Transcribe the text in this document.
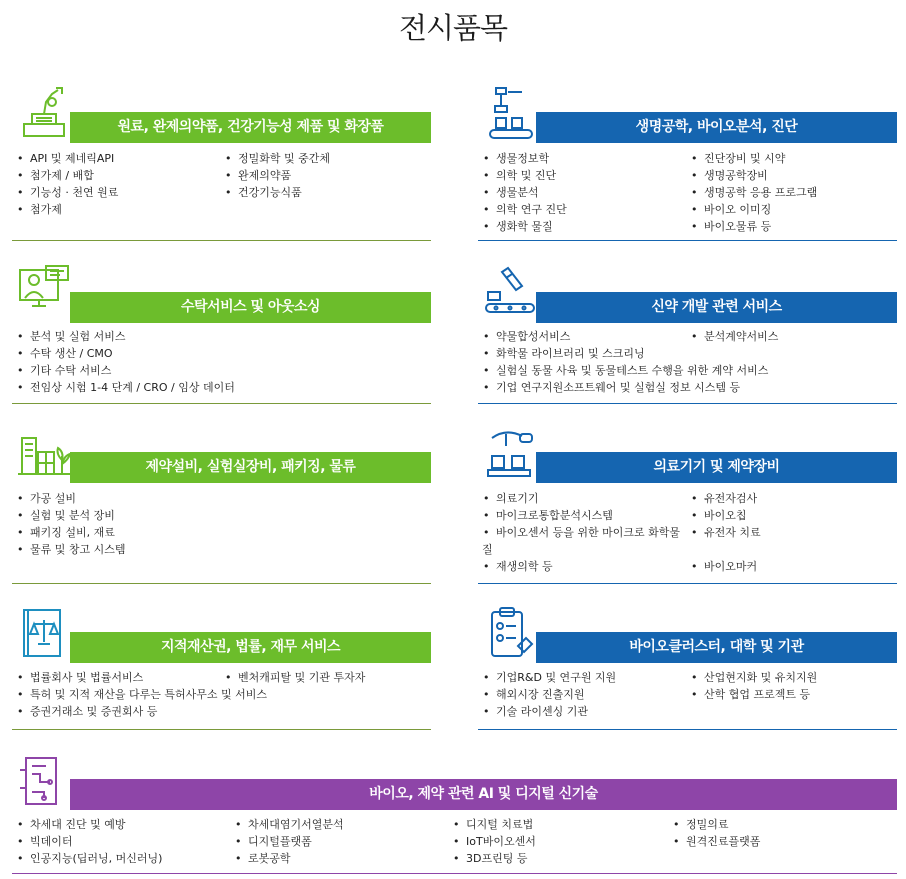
전시품목
원료, 완제의약품, 건강기능성 제품 및 화장품
• API 및 제네릭API
• 첨가제 / 배합
• 기능성 · 천연 원료
• 첨가제
• 정밀화학 및 중간체
• 완제의약품
• 건강기능식품
생명공학, 바이오분석, 진단
• 생물정보학
• 의학 및 진단
• 생물분석
• 의학 연구 진단
• 생화학 물질
• 진단장비 및 시약
• 생명공학장비
• 생명공학 응용 프로그램
• 바이오 이미징
• 바이오물류 등
수탁서비스 및 아웃소싱
• 분석 및 실험 서비스
• 수탁 생산 / CMO
• 기타 수탁 서비스
• 전임상 시험 1-4 단계 / CRO / 임상 데이터
신약 개발 관련 서비스
• 약물합성서비스
• 화학물 라이브러리 및 스크리닝
• 실험실 동물 사육 및 동물테스트 수행을 위한 계약 서비스
• 기업 연구지원소프트웨어 및 실험실 정보 시스템 등
• 분석계약서비스
제약설비, 실험실장비, 패키징, 물류
• 가공 설비
• 실험 및 분석 장비
• 패키징 설비, 재료
• 물류 및 창고 시스템
의료기기 및 제약장비
• 의료기기
• 마이크로통합분석시스템
• 바이오센서 등을 위한 마이크로 화학물
질
• 재생의학 등
• 유전자검사
• 바이오칩
• 유전자 치료
• 바이오마커
지적재산권, 법률, 재무 서비스
• 법률회사 및 법률서비스
• 특허 및 지적 재산을 다루는 특허사무소 및 서비스
• 증권거래소 및 증권회사 등
• 벤처캐피탈 및 기관 투자자
바이오클러스터, 대학 및 기관
• 기업R&D 및 연구원 지원
• 해외시장 진출지원
• 기술 라이센싱 기관
• 산업현지화 및 유치지원
• 산학 협업 프로젝트 등
바이오, 제약 관련 AI 및 디지털 신기술
• 차세대 진단 및 예방
• 빅데이터
• 인공지능(딥러닝, 머신러닝)
• 차세대염기서열분석
• 디지털플랫폼
• 로봇공학
• 디지털 치료법
• IoT바이오센서
• 3D프린팅 등
• 정밀의료
• 원격진료플랫폼
